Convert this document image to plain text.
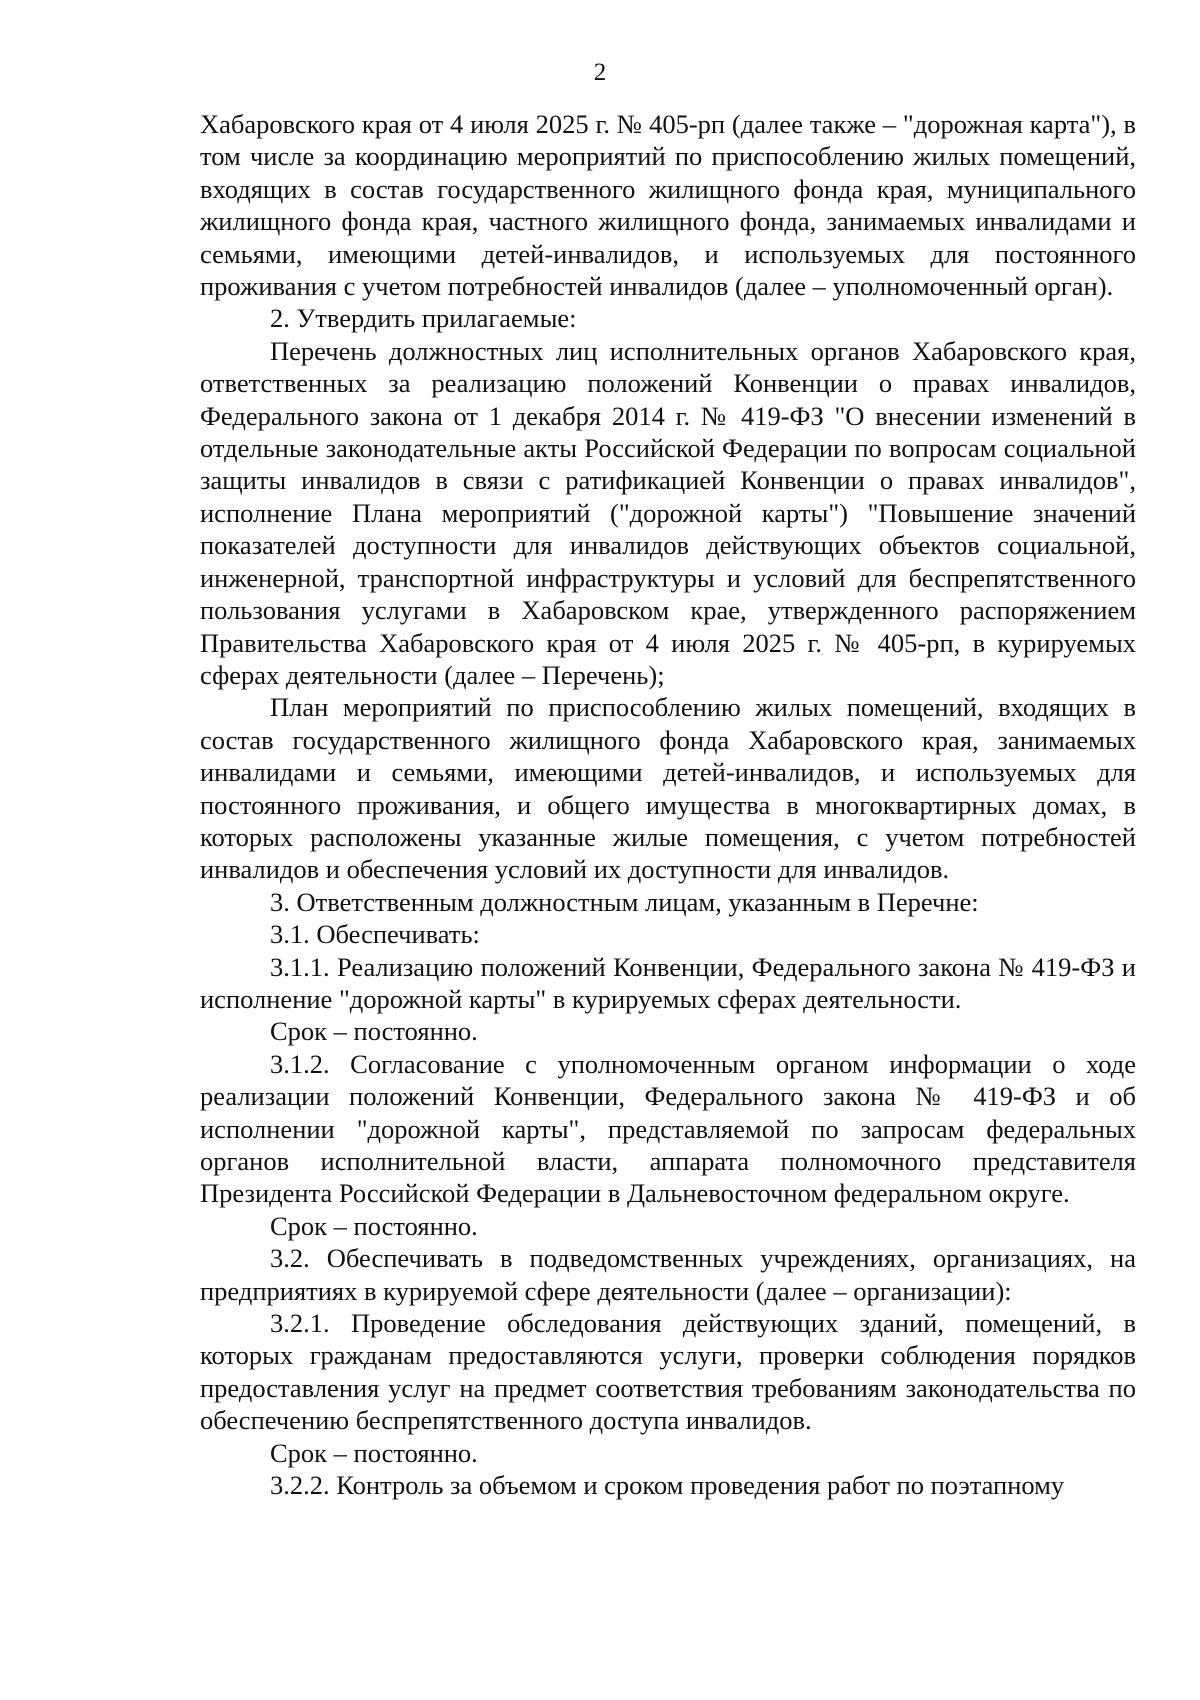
2

Хабаровского края от 4 июля 2025 г. № 405-рп (далее также – "дорожная карта"), в том числе за координацию мероприятий по приспособлению жилых помещений, входящих в состав государственного жилищного фонда края, муниципального жилищного фонда края, частного жилищного фонда, занимаемых инвалидами и семьями, имеющими детей-инвалидов, и используемых для постоянного проживания с учетом потребностей инвалидов (далее – уполномоченный орган).

2. Утвердить прилагаемые:

Перечень должностных лиц исполнительных органов Хабаровского края, ответственных за реализацию положений Конвенции о правах инвалидов, Федерального закона от 1 декабря 2014 г. № 419-ФЗ "О внесении изменений в отдельные законодательные акты Российской Федерации по вопросам социальной защиты инвалидов в связи с ратификацией Конвенции о правах инвалидов", исполнение Плана мероприятий ("дорожной карты") "Повышение значений показателей доступности для инвалидов действующих объектов социальной, инженерной, транспортной инфраструктуры и условий для беспрепятственного пользования услугами в Хабаровском крае, утвержденного распоряжением Правительства Хабаровского края от 4 июля 2025 г. № 405-рп, в курируемых сферах деятельности (далее – Перечень);

План мероприятий по приспособлению жилых помещений, входящих в состав государственного жилищного фонда Хабаровского края, занимаемых инвалидами и семьями, имеющими детей-инвалидов, и используемых для постоянного проживания, и общего имущества в многоквартирных домах, в которых расположены указанные жилые помещения, с учетом потребностей инвалидов и обеспечения условий их доступности для инвалидов.

3. Ответственным должностным лицам, указанным в Перечне:

3.1. Обеспечивать:

3.1.1. Реализацию положений Конвенции, Федерального закона № 419-ФЗ и исполнение "дорожной карты" в курируемых сферах деятельности.

Срок – постоянно.

3.1.2. Согласование с уполномоченным органом информации о ходе реализации положений Конвенции, Федерального закона № 419-ФЗ и об исполнении "дорожной карты", представляемой по запросам федеральных органов исполнительной власти, аппарата полномочного представителя Президента Российской Федерации в Дальневосточном федеральном округе.

Срок – постоянно.

3.2. Обеспечивать в подведомственных учреждениях, организациях, на предприятиях в курируемой сфере деятельности (далее – организации):

3.2.1. Проведение обследования действующих зданий, помещений, в которых гражданам предоставляются услуги, проверки соблюдения порядков предоставления услуг на предмет соответствия требованиям законодательства по обеспечению беспрепятственного доступа инвалидов.

Срок – постоянно.

3.2.2. Контроль за объемом и сроком проведения работ по поэтапному
